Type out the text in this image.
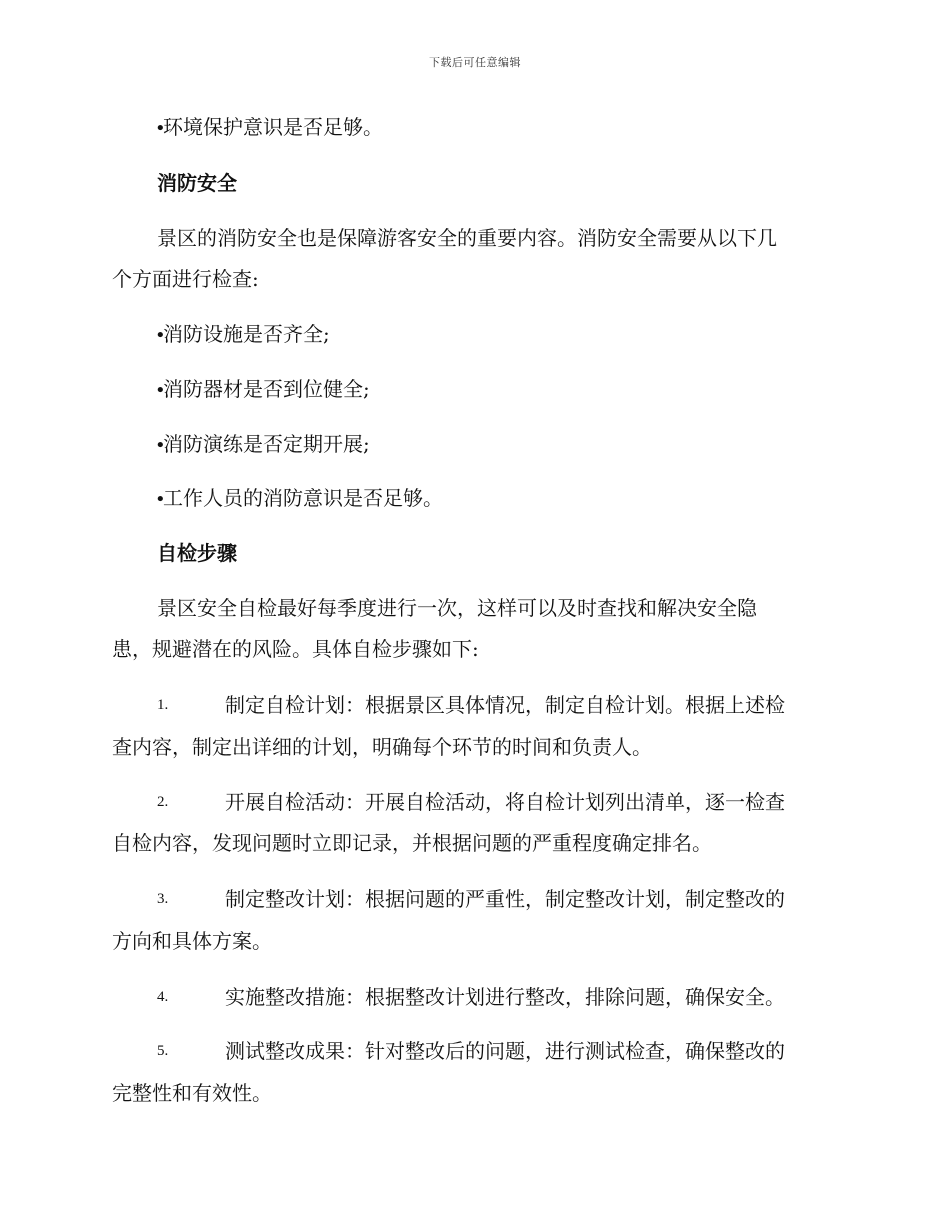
下载后可任意编辑
•环境保护意识是否足够。
消防安全
景区的消防安全也是保障游客安全的重要内容。消防安全需要从以下几
个方面进行检查:
•消防设施是否齐全;
•消防器材是否到位健全;
•消防演练是否定期开展;
•工作人员的消防意识是否足够。
自检步骤
景区安全自检最好每季度进行一次，这样可以及时查找和解决安全隐
患，规避潜在的风险。具体自检步骤如下:
1.	制定自检计划：根据景区具体情况，制定自检计划。根据上述检
查内容，制定出详细的计划，明确每个环节的时间和负责人。
2.	开展自检活动：开展自检活动，将自检计划列出清单，逐一检查
自检内容，发现问题时立即记录，并根据问题的严重程度确定排名。
3.	制定整改计划：根据问题的严重性，制定整改计划，制定整改的
方向和具体方案。
4.	实施整改措施：根据整改计划进行整改，排除问题，确保安全。
5.	测试整改成果：针对整改后的问题，进行测试检查，确保整改的
完整性和有效性。
